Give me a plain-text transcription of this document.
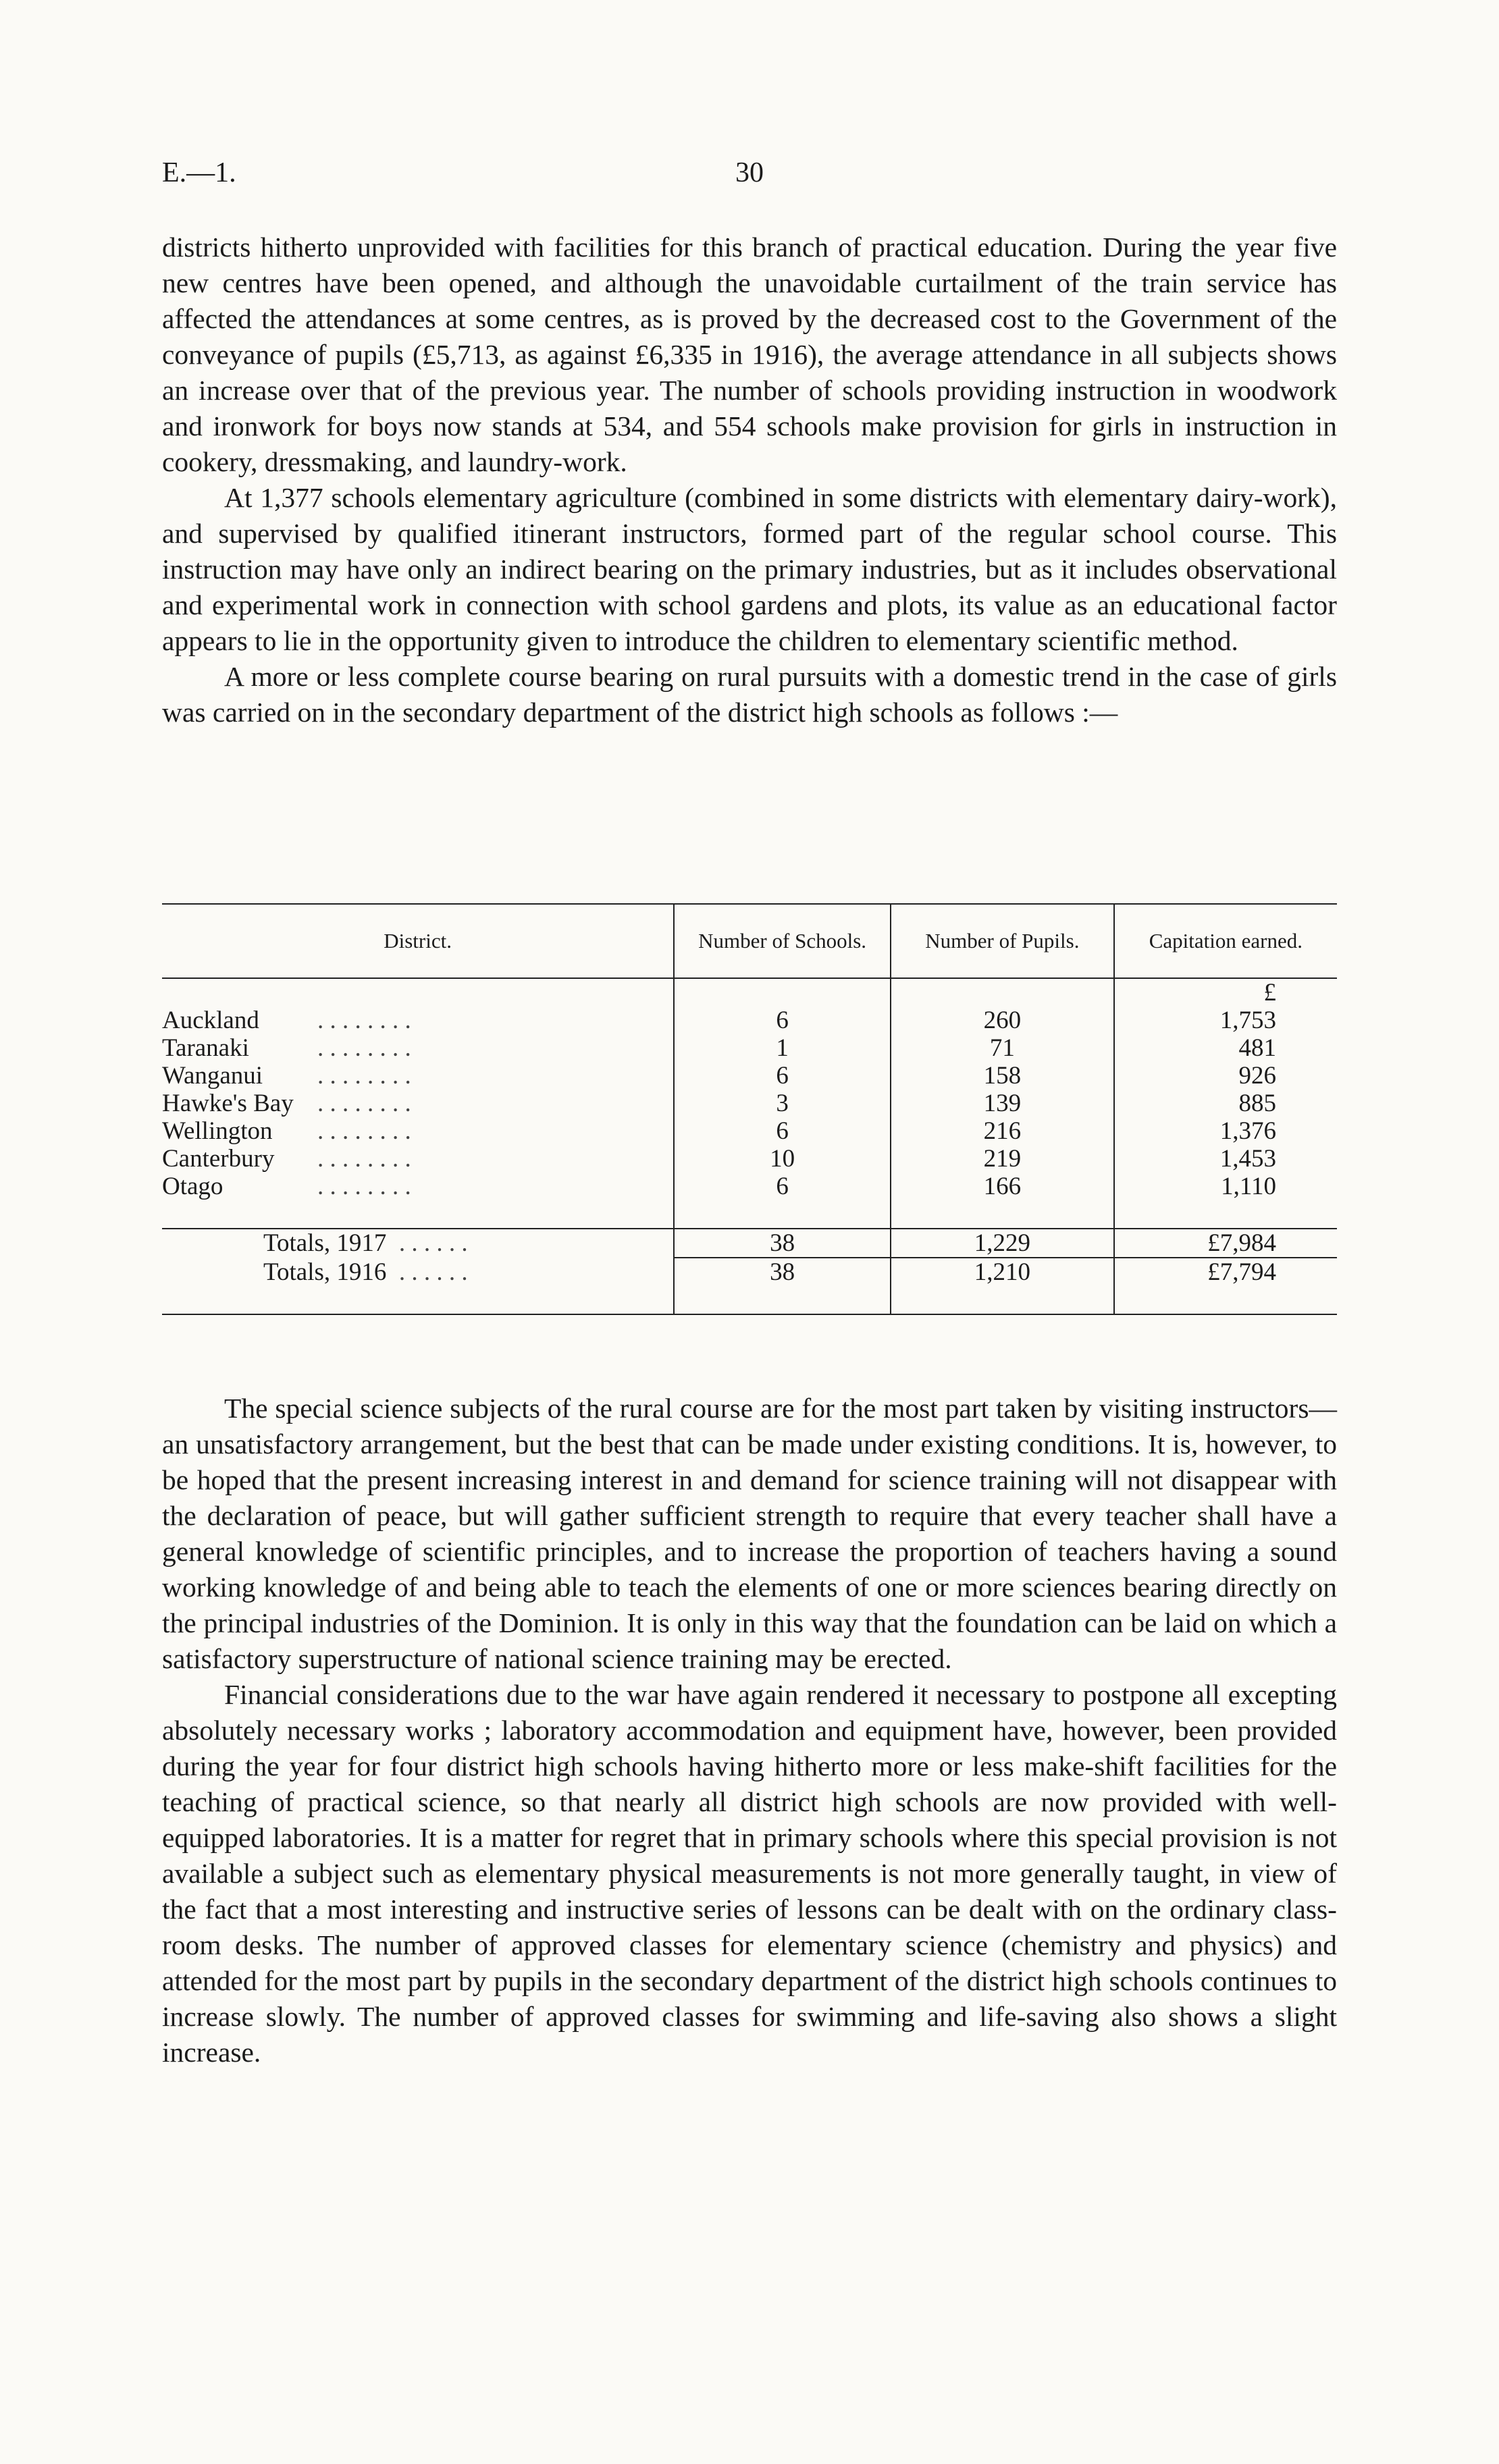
E.—1.	30

districts hitherto unprovided with facilities for this branch of practical education. During the year five new centres have been opened, and although the unavoidable curtailment of the train service has affected the attendances at some centres, as is proved by the decreased cost to the Government of the conveyance of pupils (£5,713, as against £6,335 in 1916), the average attendance in all subjects shows an increase over that of the previous year. The number of schools providing instruction in woodwork and ironwork for boys now stands at 534, and 554 schools make provision for girls in instruction in cookery, dressmaking, and laundry-work.

At 1,377 schools elementary agriculture (combined in some districts with elementary dairy-work), and supervised by qualified itinerant instructors, formed part of the regular school course. This instruction may have only an indirect bearing on the primary industries, but as it includes observational and experimental work in connection with school gardens and plots, its value as an educational factor appears to lie in the opportunity given to introduce the children to elementary scientific method.

A more or less complete course bearing on rural pursuits with a domestic trend in the case of girls was carried on in the secondary department of the district high schools as follows :—

District.	Number of Schools.	Number of Pupils.	Capitation earned.
			£
Auckland . . . . . . . .	6	260	1,753
Taranaki . . . . . . . .	1	71	481
Wanganui . . . . . . . .	6	158	926
Hawke's Bay . . . . . . . .	3	139	885
Wellington . . . . . . . .	6	216	1,376
Canterbury . . . . . . . .	10	219	1,453
Otago . . . . . . . .	6	166	1,110

Totals, 1917 . . . . . .	38	1,229	£7,984
Totals, 1916 . . . . . .	38	1,210	£7,794

The special science subjects of the rural course are for the most part taken by visiting instructors—an unsatisfactory arrangement, but the best that can be made under existing conditions. It is, however, to be hoped that the present increasing interest in and demand for science training will not disappear with the declaration of peace, but will gather sufficient strength to require that every teacher shall have a general knowledge of scientific principles, and to increase the proportion of teachers having a sound working knowledge of and being able to teach the elements of one or more sciences bearing directly on the principal industries of the Dominion. It is only in this way that the foundation can be laid on which a satisfactory superstructure of national science training may be erected.

Financial considerations due to the war have again rendered it necessary to postpone all excepting absolutely necessary works ; laboratory accommodation and equipment have, however, been provided during the year for four district high schools having hitherto more or less make-shift facilities for the teaching of practical science, so that nearly all district high schools are now provided with well-equipped laboratories. It is a matter for regret that in primary schools where this special provision is not available a subject such as elementary physical measurements is not more generally taught, in view of the fact that a most interesting and instructive series of lessons can be dealt with on the ordinary class-room desks. The number of approved classes for elementary science (chemistry and physics) and attended for the most part by pupils in the secondary department of the district high schools continues to increase slowly. The number of approved classes for swimming and life-saving also shows a slight increase.
